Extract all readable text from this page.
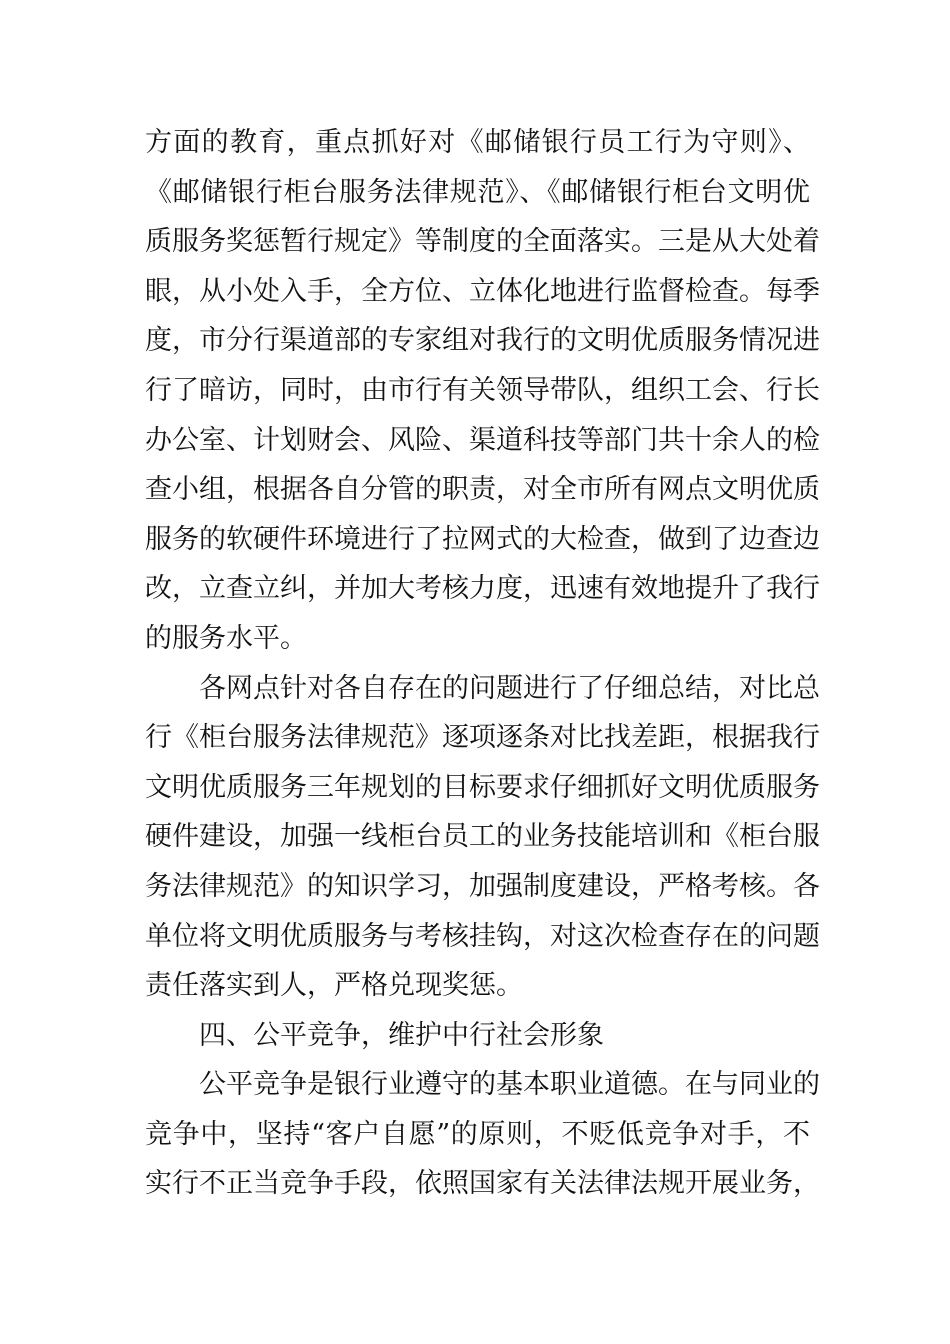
方面的教育，重点抓好对《邮储银行员工行为守则》、
《邮储银行柜台服务法律规范》、《邮储银行柜台文明优
质服务奖惩暂行规定》等制度的全面落实。三是从大处着
眼，从小处入手，全方位、立体化地进行监督检查。每季
度，市分行渠道部的专家组对我行的文明优质服务情况进
行了暗访，同时，由市行有关领导带队，组织工会、行长
办公室、计划财会、风险、渠道科技等部门共十余人的检
查小组，根据各自分管的职责，对全市所有网点文明优质
服务的软硬件环境进行了拉网式的大检查，做到了边查边
改，立查立纠，并加大考核力度，迅速有效地提升了我行
的服务水平。
各网点针对各自存在的问题进行了仔细总结，对比总
行《柜台服务法律规范》逐项逐条对比找差距，根据我行
文明优质服务三年规划的目标要求仔细抓好文明优质服务
硬件建设，加强一线柜台员工的业务技能培训和《柜台服
务法律规范》的知识学习，加强制度建设，严格考核。各
单位将文明优质服务与考核挂钩，对这次检查存在的问题
责任落实到人，严格兑现奖惩。
四、公平竞争，维护中行社会形象
公平竞争是银行业遵守的基本职业道德。在与同业的
竞争中，坚持“客户自愿”的原则，不贬低竞争对手，不
实行不正当竞争手段，依照国家有关法律法规开展业务，
